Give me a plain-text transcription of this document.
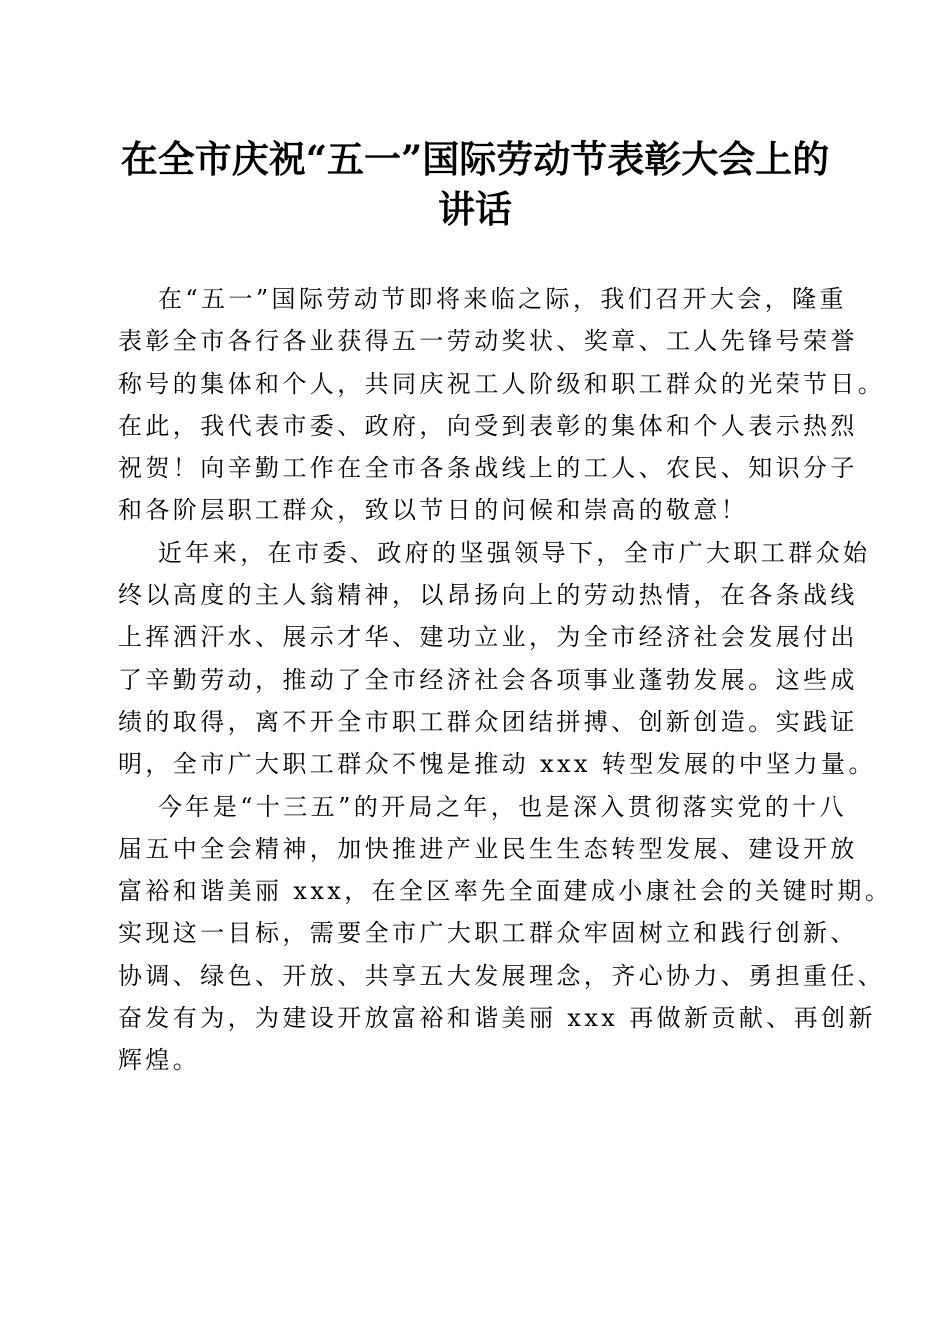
在全市庆祝“五一”国际劳动节表彰大会上的
讲话
在“五一”国际劳动节即将来临之际，我们召开大会，隆重
表彰全市各行各业获得五一劳动奖状、奖章、工人先锋号荣誉
称号的集体和个人，共同庆祝工人阶级和职工群众的光荣节日。
在此，我代表市委、政府，向受到表彰的集体和个人表示热烈
祝贺！向辛勤工作在全市各条战线上的工人、农民、知识分子
和各阶层职工群众，致以节日的问候和崇高的敬意！
近年来，在市委、政府的坚强领导下，全市广大职工群众始
终以高度的主人翁精神，以昂扬向上的劳动热情，在各条战线
上挥洒汗水、展示才华、建功立业，为全市经济社会发展付出
了辛勤劳动，推动了全市经济社会各项事业蓬勃发展。这些成
绩的取得，离不开全市职工群众团结拼搏、创新创造。实践证
明，全市广大职工群众不愧是推动 xxx 转型发展的中坚力量。
今年是“十三五”的开局之年，也是深入贯彻落实党的十八
届五中全会精神，加快推进产业民生生态转型发展、建设开放
富裕和谐美丽 xxx，在全区率先全面建成小康社会的关键时期。
实现这一目标，需要全市广大职工群众牢固树立和践行创新、
协调、绿色、开放、共享五大发展理念，齐心协力、勇担重任、
奋发有为，为建设开放富裕和谐美丽 xxx 再做新贡献、再创新
辉煌。
